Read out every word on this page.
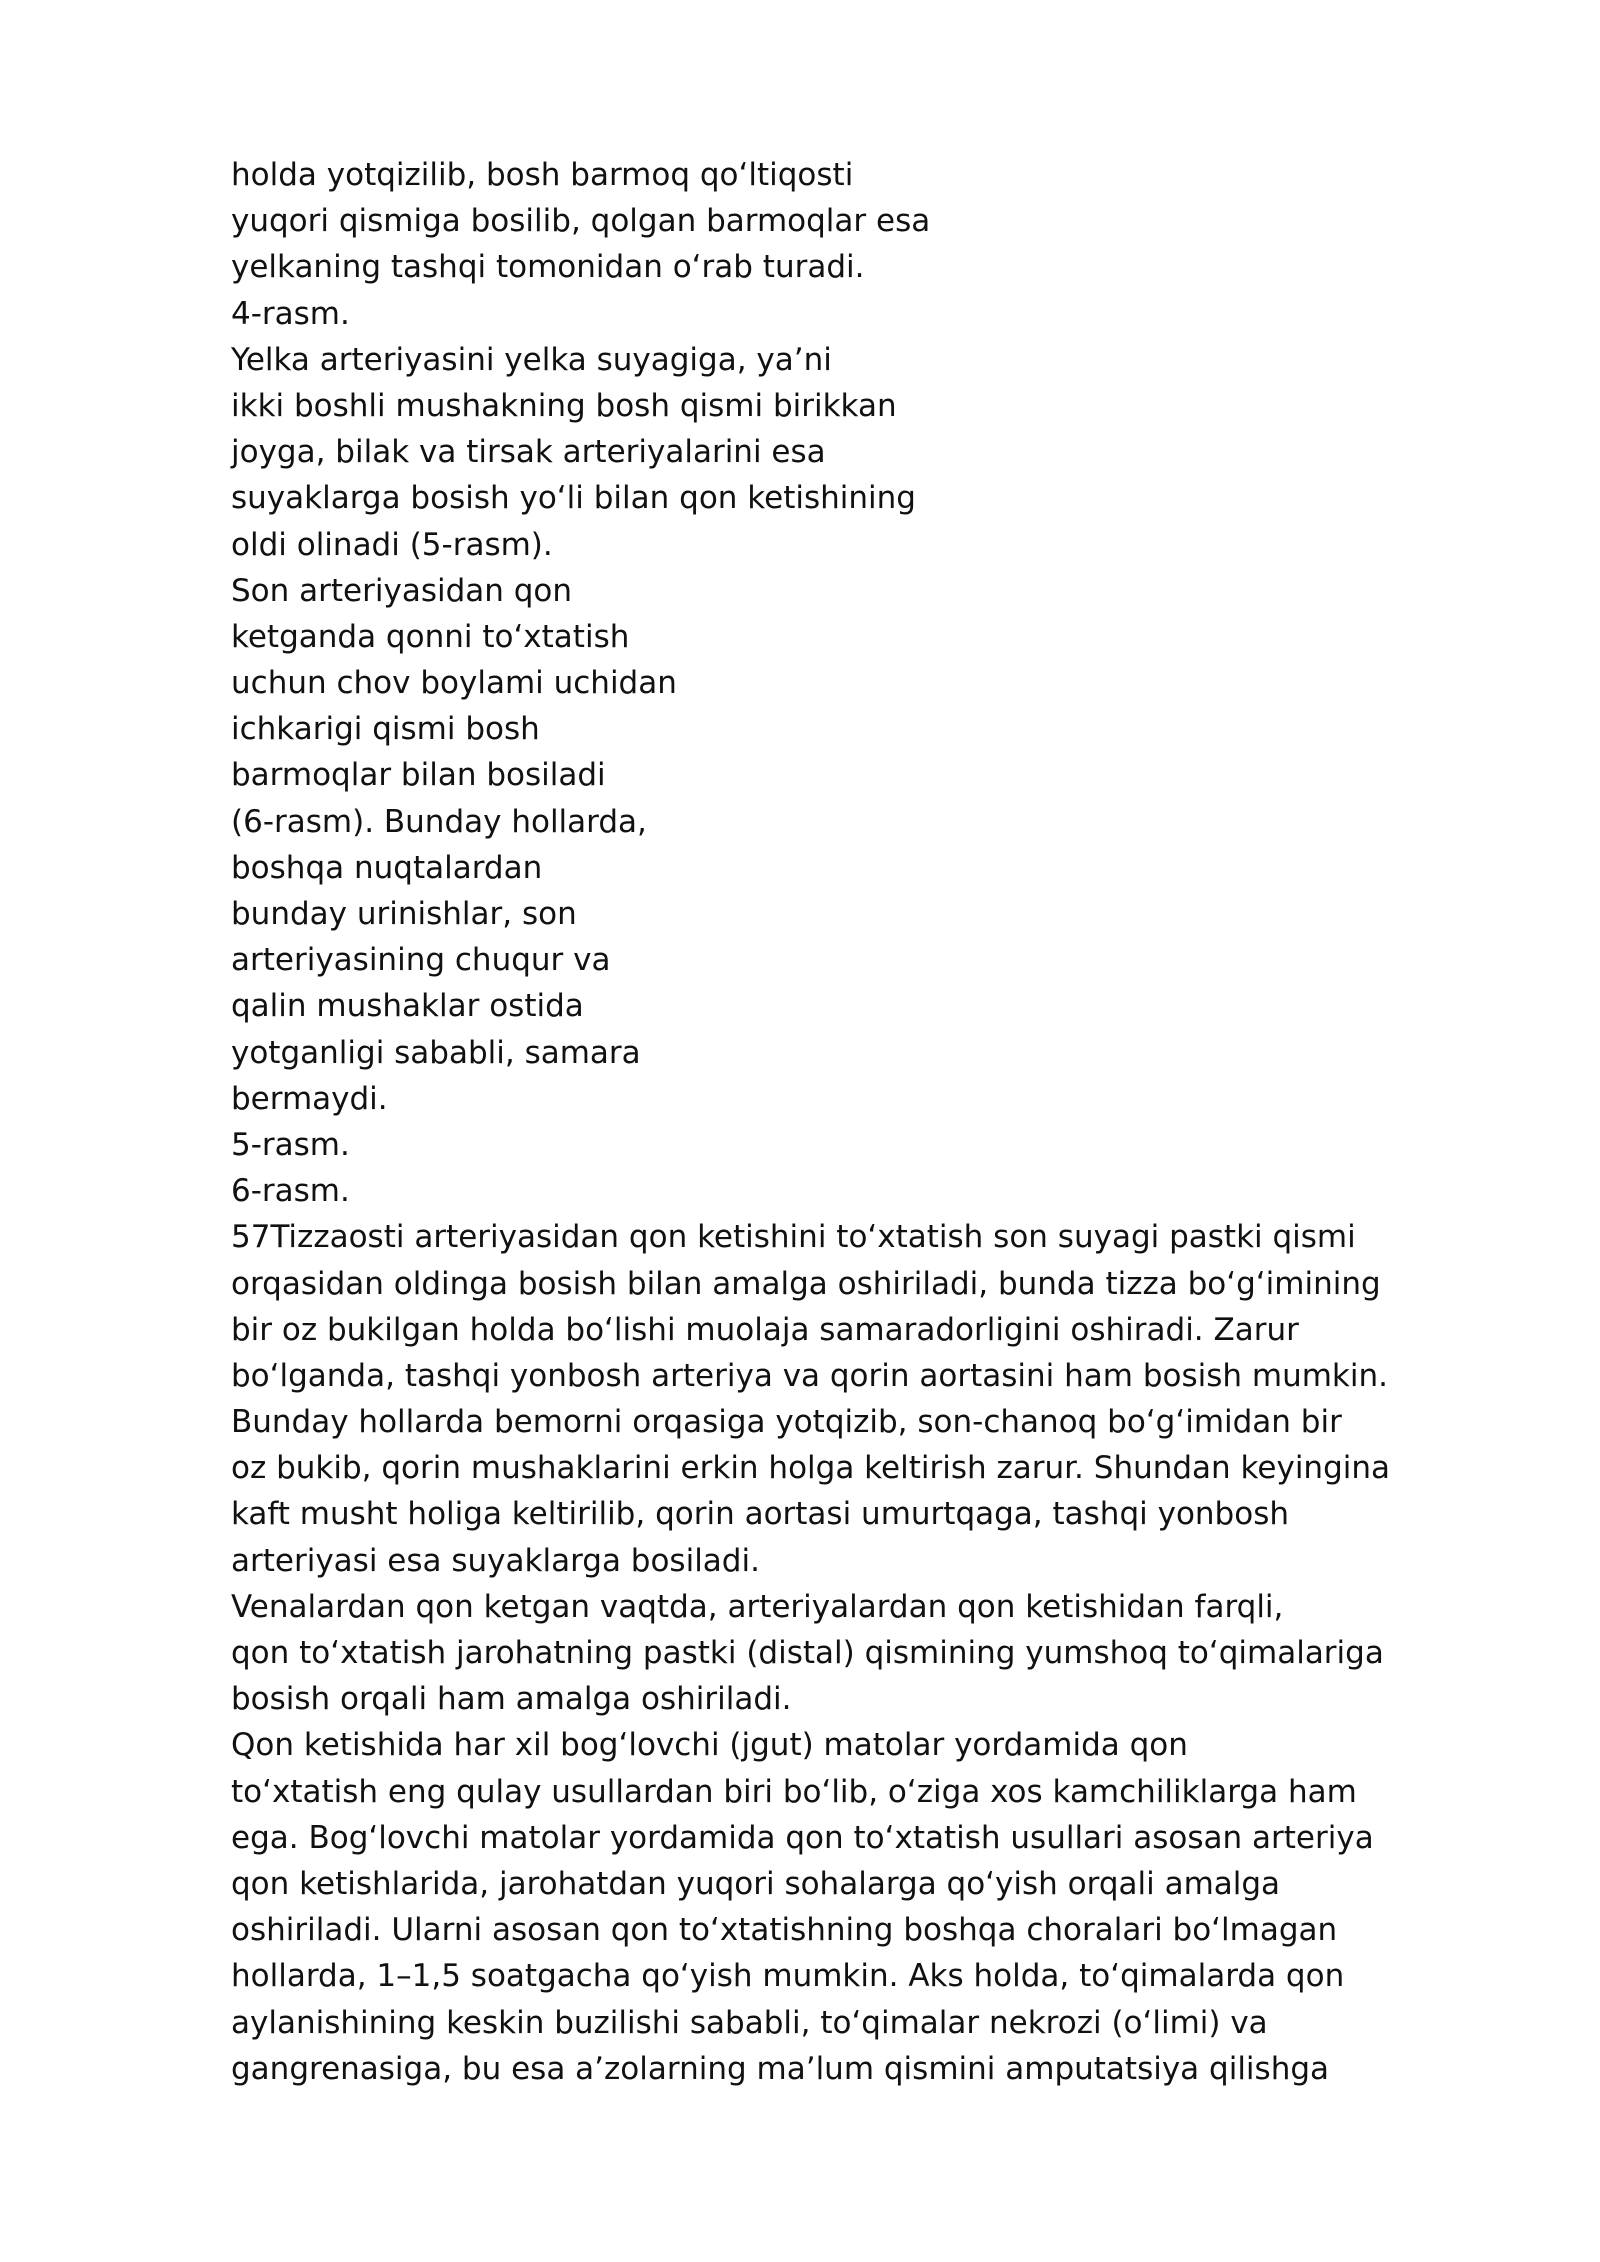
holda yotqizilib, bosh barmoq qoʻltiqosti
yuqori qismiga bosilib, qolgan barmoqlar esa
yelkaning tashqi tomonidan oʻrab turadi.
4-rasm.
Yelka arteriyasini yelka suyagiga, ya’ni
ikki boshli mushakning bosh qismi birikkan
joyga, bilak va tirsak arteriyalarini esa
suyaklarga bosish yoʻli bilan qon ketishining
oldi olinadi (5-rasm).
Son arteriyasidan qon
ketganda qonni toʻxtatish
uchun chov boylami uchidan
ichkarigi qismi bosh
barmoqlar bilan bosiladi
(6-rasm). Bunday hollarda,
boshqa nuqtalardan
bunday urinishlar, son
arteriyasining chuqur va
qalin mushaklar ostida
yotganligi sababli, samara
bermaydi.
5-rasm.
6-rasm.
57Tizzaosti arteriyasidan qon ketishini toʻxtatish son suyagi pastki qismi
orqasidan oldinga bosish bilan amalga oshiriladi, bunda tizza boʻgʻimining
bir oz bukilgan holda boʻlishi muolaja samaradorligini oshiradi. Zarur
boʻlganda, tashqi yonbosh arteriya va qorin aortasini ham bosish mumkin.
Bunday hollarda bemorni orqasiga yotqizib, son-chanoq boʻgʻimidan bir
oz bukib, qorin mushaklarini erkin holga keltirish zarur. Shundan keyingina
kaft musht holiga keltirilib, qorin aortasi umurtqaga, tashqi yonbosh
arteriyasi esa suyaklarga bosiladi.
Venalardan qon ketgan vaqtda, arteriyalardan qon ketishidan farqli,
qon toʻxtatish jarohatning pastki (distal) qismining yumshoq toʻqimalariga
bosish orqali ham amalga oshiriladi.
Qon ketishida har xil bogʻlovchi (jgut) matolar yordamida qon
toʻxtatish eng qulay usullardan biri boʻlib, oʻziga xos kamchiliklarga ham
ega. Bogʻlovchi matolar yordamida qon toʻxtatish usullari asosan arteriya
qon ketishlarida, jarohatdan yuqori sohalarga qoʻyish orqali amalga
oshiriladi. Ularni asosan qon toʻxtatishning boshqa choralari boʻlmagan
hollarda, 1–1,5 soatgacha qoʻyish mumkin. Aks holda, toʻqimalarda qon
aylanishining keskin buzilishi sababli, toʻqimalar nekrozi (oʻlimi) va
gangrenasiga, bu esa a’zolarning ma’lum qismini amputatsiya qilishga
